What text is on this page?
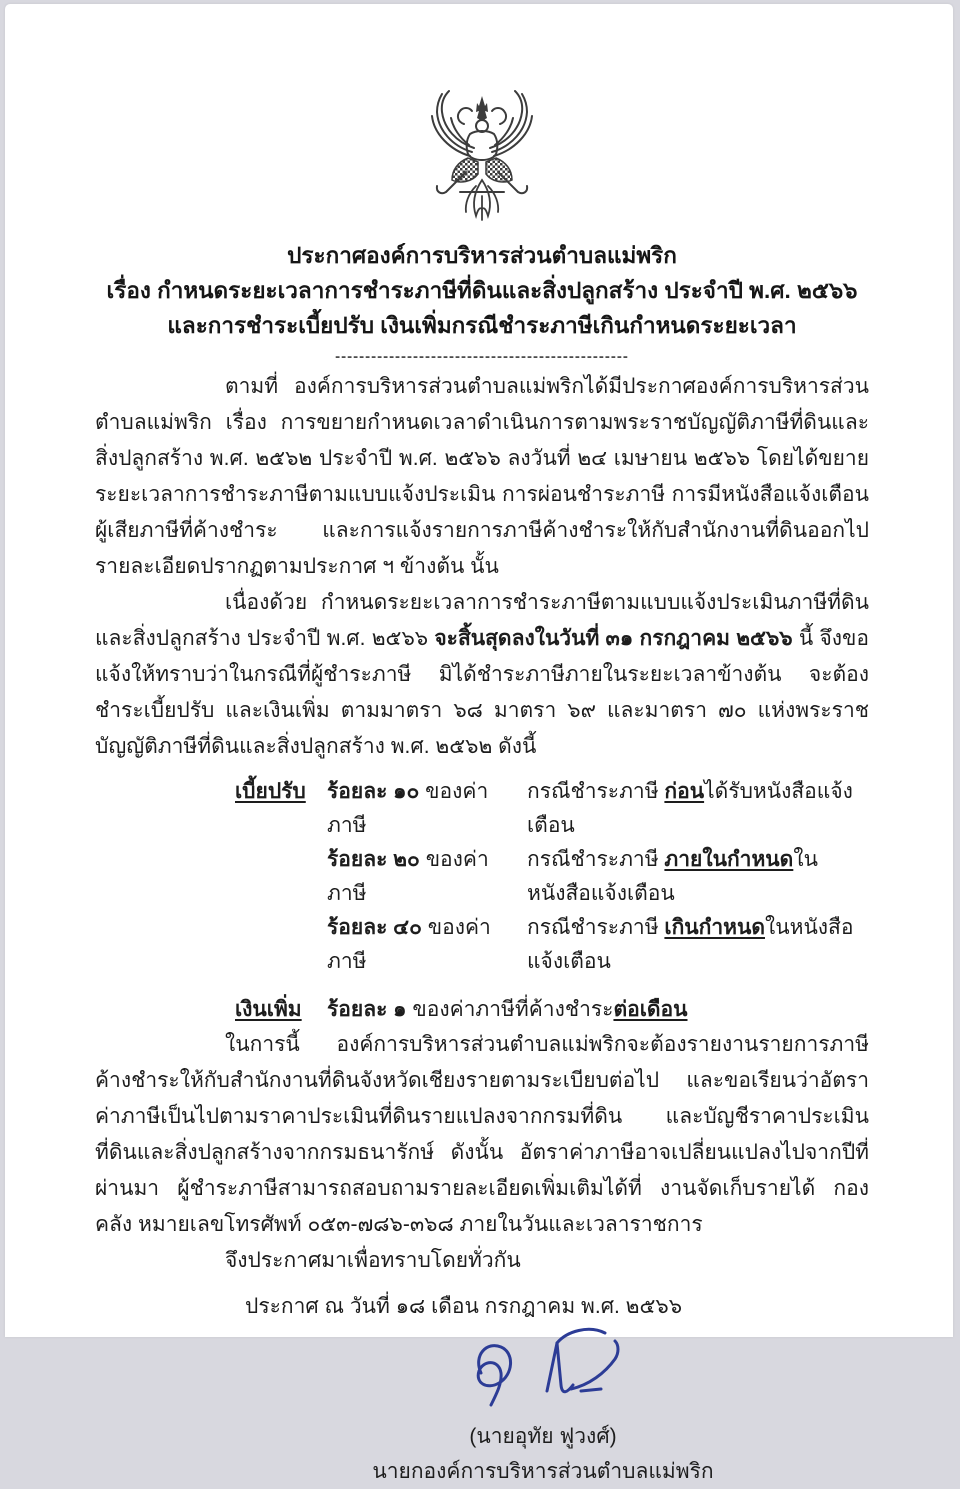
ประกาศองค์การบริหารส่วนตำบลแม่พริก
เรื่อง กำหนดระยะเวลาการชำระภาษีที่ดินและสิ่งปลูกสร้าง ประจำปี พ.ศ. ๒๕๖๖
และการชำระเบี้ยปรับ เงินเพิ่มกรณีชำระภาษีเกินกำหนดระยะเวลา
-------------------------------------------------

ตามที่ องค์การบริหารส่วนตำบลแม่พริกได้มีประกาศองค์การบริหารส่วนตำบลแม่พริก เรื่อง การขยายกำหนดเวลาดำเนินการตามพระราชบัญญัติภาษีที่ดินและสิ่งปลูกสร้าง พ.ศ. ๒๕๖๒ ประจำปี พ.ศ. ๒๕๖๖ ลงวันที่ ๒๔ เมษายน ๒๕๖๖ โดยได้ขยายระยะเวลาการชำระภาษีตามแบบแจ้งประเมิน การผ่อนชำระภาษี การมีหนังสือแจ้งเตือนผู้เสียภาษีที่ค้างชำระ และการแจ้งรายการภาษีค้างชำระให้กับสำนักงานที่ดินออกไป รายละเอียดปรากฏตามประกาศ ฯ ข้างต้น นั้น

เนื่องด้วย กำหนดระยะเวลาการชำระภาษีตามแบบแจ้งประเมินภาษีที่ดินและสิ่งปลูกสร้าง ประจำปี พ.ศ. ๒๕๖๖ จะสิ้นสุดลงในวันที่ ๓๑ กรกฎาคม ๒๕๖๖ นี้ จึงขอแจ้งให้ทราบว่าในกรณีที่ผู้ชำระภาษี มิได้ชำระภาษีภายในระยะเวลาข้างต้น จะต้องชำระเบี้ยปรับ และเงินเพิ่ม ตามมาตรา ๖๘ มาตรา ๖๙ และมาตรา ๗๐ แห่งพระราชบัญญัติภาษีที่ดินและสิ่งปลูกสร้าง พ.ศ. ๒๕๖๒ ดังนี้

เบี้ยปรับ	ร้อยละ ๑๐ ของค่าภาษี
กรณีชำระภาษี ก่อนได้รับหนังสือแจ้งเตือน
ร้อยละ ๒๐ ของค่าภาษี
กรณีชำระภาษี ภายในกำหนดในหนังสือแจ้งเตือน
ร้อยละ ๔๐ ของค่าภาษี
กรณีชำระภาษี เกินกำหนดในหนังสือแจ้งเตือน
เงินเพิ่ม	ร้อยละ ๑ ของค่าภาษีที่ค้างชำระต่อเดือน

ในการนี้ องค์การบริหารส่วนตำบลแม่พริกจะต้องรายงานรายการภาษีค้างชำระให้กับสำนักงานที่ดินจังหวัดเชียงรายตามระเบียบต่อไป และขอเรียนว่าอัตราค่าภาษีเป็นไปตามราคาประเมินที่ดินรายแปลงจากกรมที่ดิน และบัญชีราคาประเมินที่ดินและสิ่งปลูกสร้างจากกรมธนารักษ์ ดังนั้น อัตราค่าภาษีอาจเปลี่ยนแปลงไปจากปีที่ผ่านมา ผู้ชำระภาษีสามารถสอบถามรายละเอียดเพิ่มเติมได้ที่ งานจัดเก็บรายได้ กองคลัง หมายเลขโทรศัพท์ ๐๕๓-๗๘๖-๓๖๘ ภายในวันและเวลาราชการ

จึงประกาศมาเพื่อทราบโดยทั่วกัน

ประกาศ ณ วันที่ ๑๘ เดือน กรกฎาคม พ.ศ. ๒๕๖๖
(นายอุทัย ฟูวงศ์)
นายกองค์การบริหารส่วนตำบลแม่พริก
